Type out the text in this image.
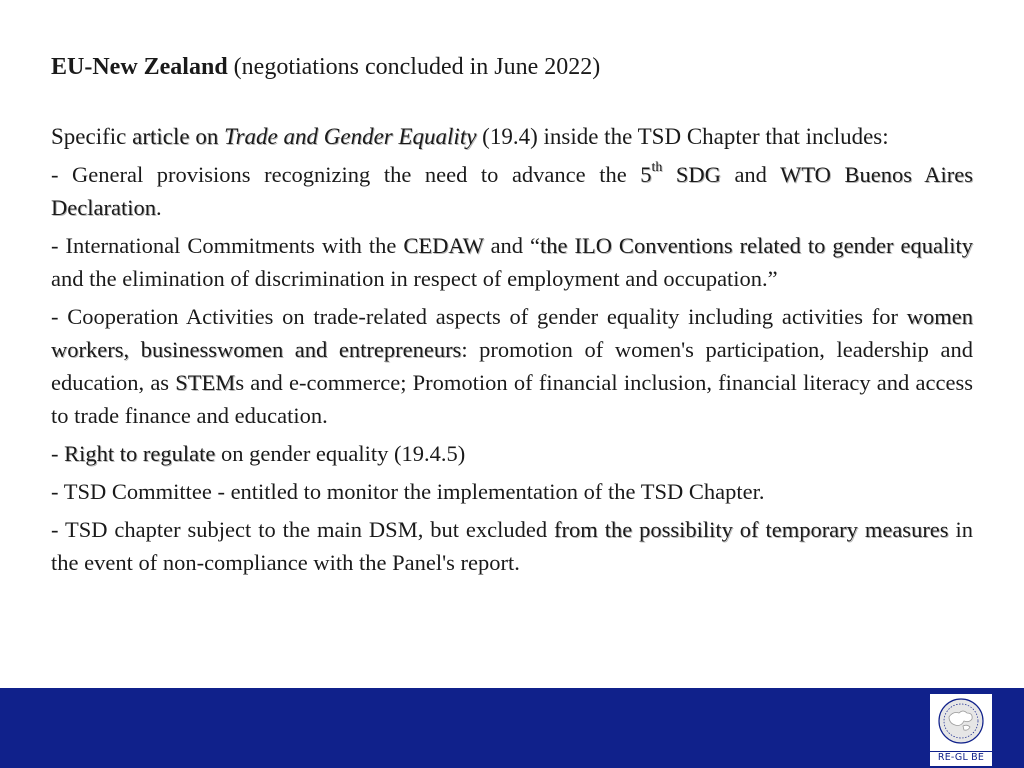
EU-New Zealand (negotiations concluded in June 2022)

Specific article on Trade and Gender Equality (19.4) inside the TSD Chapter that includes:

- General provisions recognizing the need to advance the 5th SDG and WTO Buenos Aires Declaration.

- International Commitments with the CEDAW and “the ILO Conventions related to gender equality and the elimination of discrimination in respect of employment and occupation.”

- Cooperation Activities on trade-related aspects of gender equality including activities for women workers, businesswomen and entrepreneurs: promotion of women's participation, leadership and education, as STEMs and e-commerce; Promotion of financial inclusion, financial literacy and access to trade finance and education.

- Right to regulate on gender equality (19.4.5)

- TSD Committee - entitled to monitor the implementation of the TSD Chapter.

- TSD chapter subject to the main DSM, but excluded from the possibility of temporary measures in the event of non-compliance with the Panel's report.

RE-GL BE
